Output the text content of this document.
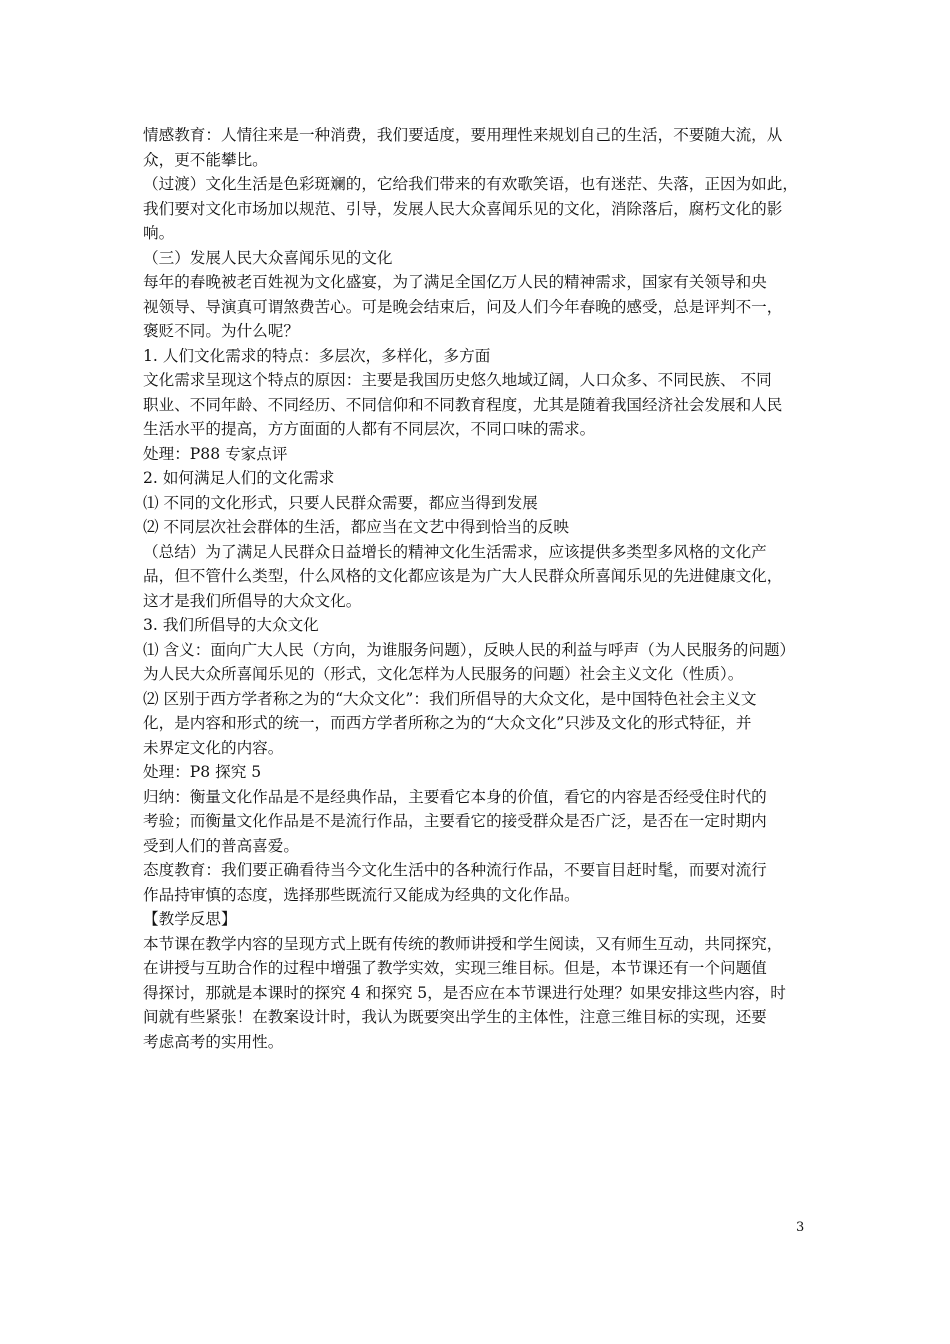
情感教育：人情往来是一种消费，我们要适度，要用理性来规划自己的生活，不要随大流，从
众，更不能攀比。
（过渡）文化生活是色彩斑斓的，它给我们带来的有欢歌笑语，也有迷茫、失落，正因为如此，
我们要对文化市场加以规范、引导，发展人民大众喜闻乐见的文化，消除落后，腐朽文化的影
响。
（三）发展人民大众喜闻乐见的文化
每年的春晚被老百姓视为文化盛宴，为了满足全国亿万人民的精神需求，国家有关领导和央
视领导、导演真可谓煞费苦心。可是晚会结束后，问及人们今年春晚的感受，总是评判不一，
褒贬不同。为什么呢？
1. 人们文化需求的特点：多层次，多样化，多方面
文化需求呈现这个特点的原因：主要是我国历史悠久地域辽阔，人口众多、不同民族、 不同
职业、不同年龄、不同经历、不同信仰和不同教育程度，尤其是随着我国经济社会发展和人民
生活水平的提高，方方面面的人都有不同层次，不同口味的需求。
处理：P88 专家点评
2. 如何满足人们的文化需求
⑴ 不同的文化形式，只要人民群众需要，都应当得到发展
⑵ 不同层次社会群体的生活，都应当在文艺中得到恰当的反映
（总结）为了满足人民群众日益增长的精神文化生活需求，应该提供多类型多风格的文化产
品，但不管什么类型，什么风格的文化都应该是为广大人民群众所喜闻乐见的先进健康文化，
这才是我们所倡导的大众文化。
3. 我们所倡导的大众文化
⑴ 含义：面向广大人民（方向，为谁服务问题），反映人民的利益与呼声（为人民服务的问题）
为人民大众所喜闻乐见的（形式，文化怎样为人民服务的问题）社会主义文化（性质）。
⑵ 区别于西方学者称之为的“大众文化”：我们所倡导的大众文化，是中国特色社会主义文
化，是内容和形式的统一，而西方学者所称之为的“大众文化”只涉及文化的形式特征，并
未界定文化的内容。
处理：P8 探究 5
归纳：衡量文化作品是不是经典作品，主要看它本身的价值，看它的内容是否经受住时代的
考验；而衡量文化作品是不是流行作品，主要看它的接受群众是否广泛，是否在一定时期内
受到人们的普高喜爱。
态度教育：我们要正确看待当今文化生活中的各种流行作品，不要盲目赶时髦，而要对流行
作品持审慎的态度，选择那些既流行又能成为经典的文化作品。
【教学反思】
本节课在教学内容的呈现方式上既有传统的教师讲授和学生阅读，又有师生互动，共同探究，
在讲授与互助合作的过程中增强了教学实效，实现三维目标。但是，本节课还有一个问题值
得探讨，那就是本课时的探究 4 和探究 5，是否应在本节课进行处理？如果安排这些内容，时
间就有些紧张！在教案设计时，我认为既要突出学生的主体性，注意三维目标的实现，还要
考虑高考的实用性。
3
